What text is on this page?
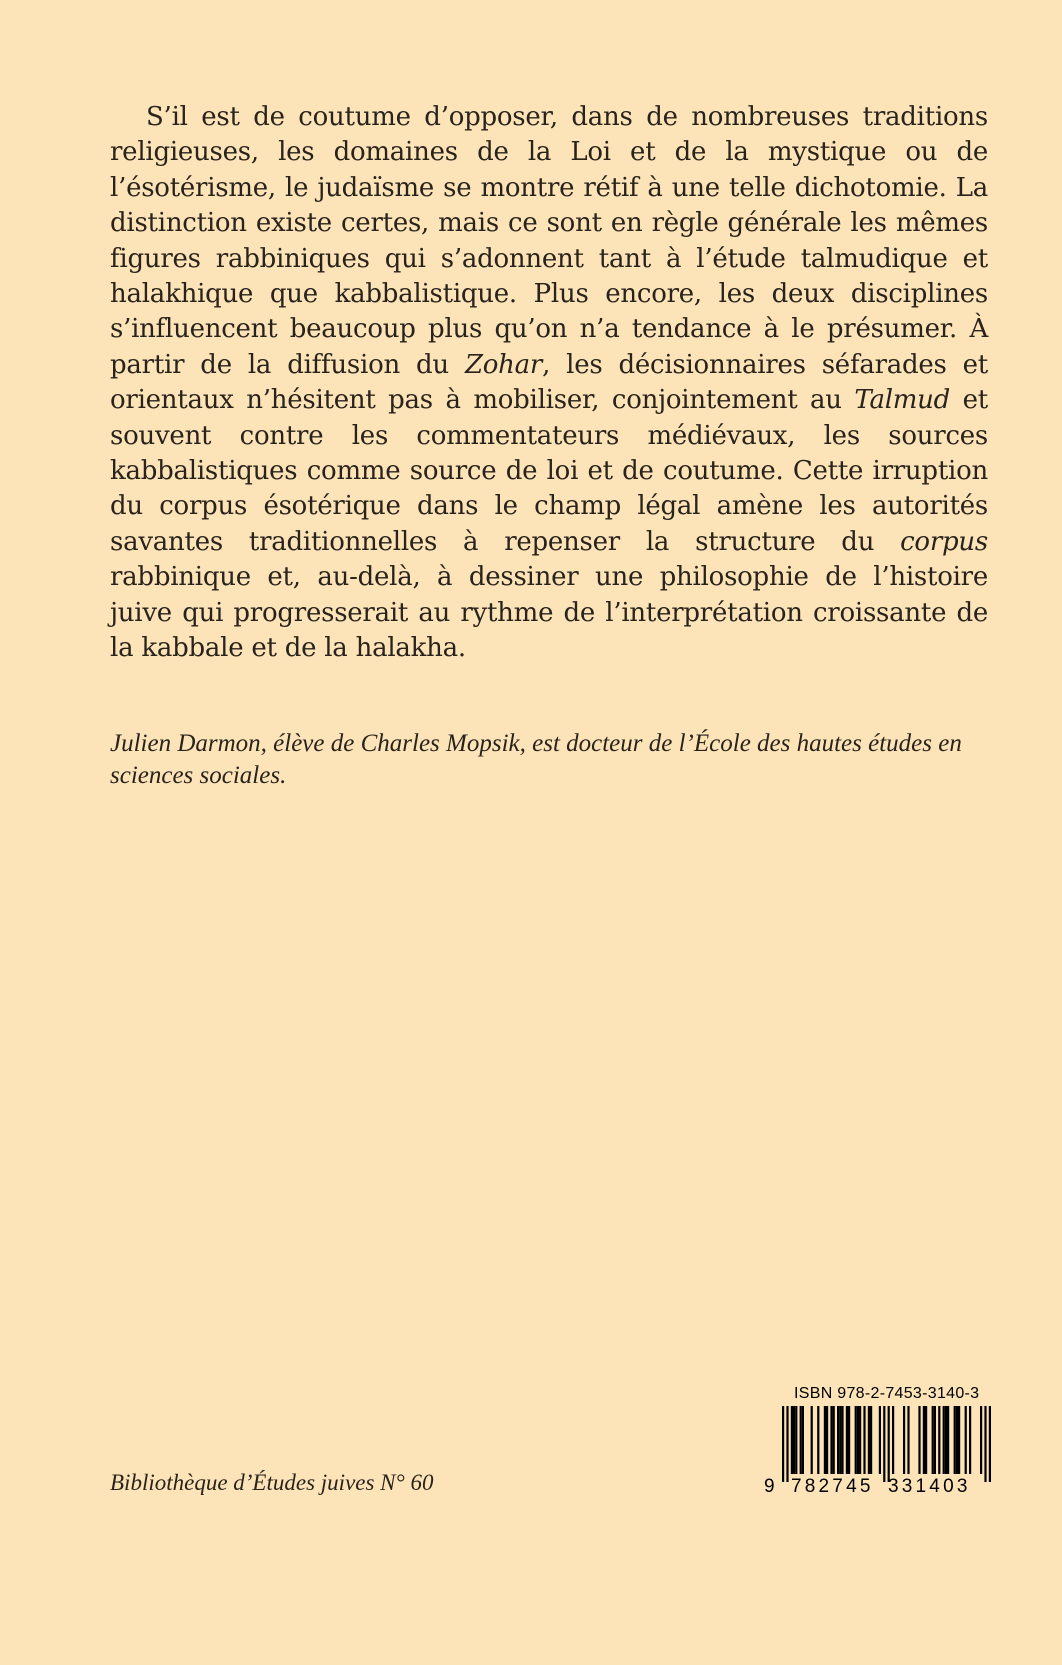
S’il est de coutume d’opposer, dans de nombreuses traditions religieuses, les domaines de la Loi et de la mystique ou de l’ésotérisme, le judaïsme se montre rétif à une telle dichotomie. La distinction existe certes, mais ce sont en règle générale les mêmes figures rabbiniques qui s’adonnent tant à l’étude talmudique et halakhique que kabbalistique. Plus encore, les deux disciplines s’influencent beaucoup plus qu’on n’a tendance à le présumer. À partir de la diffusion du Zohar, les décisionnaires séfarades et orientaux n’hésitent pas à mobiliser, conjointement au Talmud et souvent contre les commentateurs médiévaux, les sources kabbalistiques comme source de loi et de coutume. Cette irruption du corpus ésotérique dans le champ légal amène les autorités savantes traditionnelles à repenser la structure du corpus rabbinique et, au-delà, à dessiner une philosophie de l’histoire juive qui progresserait au rythme de l’interprétation croissante de la kabbale et de la halakha.

Julien Darmon, élève de Charles Mopsik, est docteur de l’École des hautes études en sciences sociales.

Bibliothèque d’Études juives N° 60

ISBN 978-2-7453-3140-3
9 782745 331403
